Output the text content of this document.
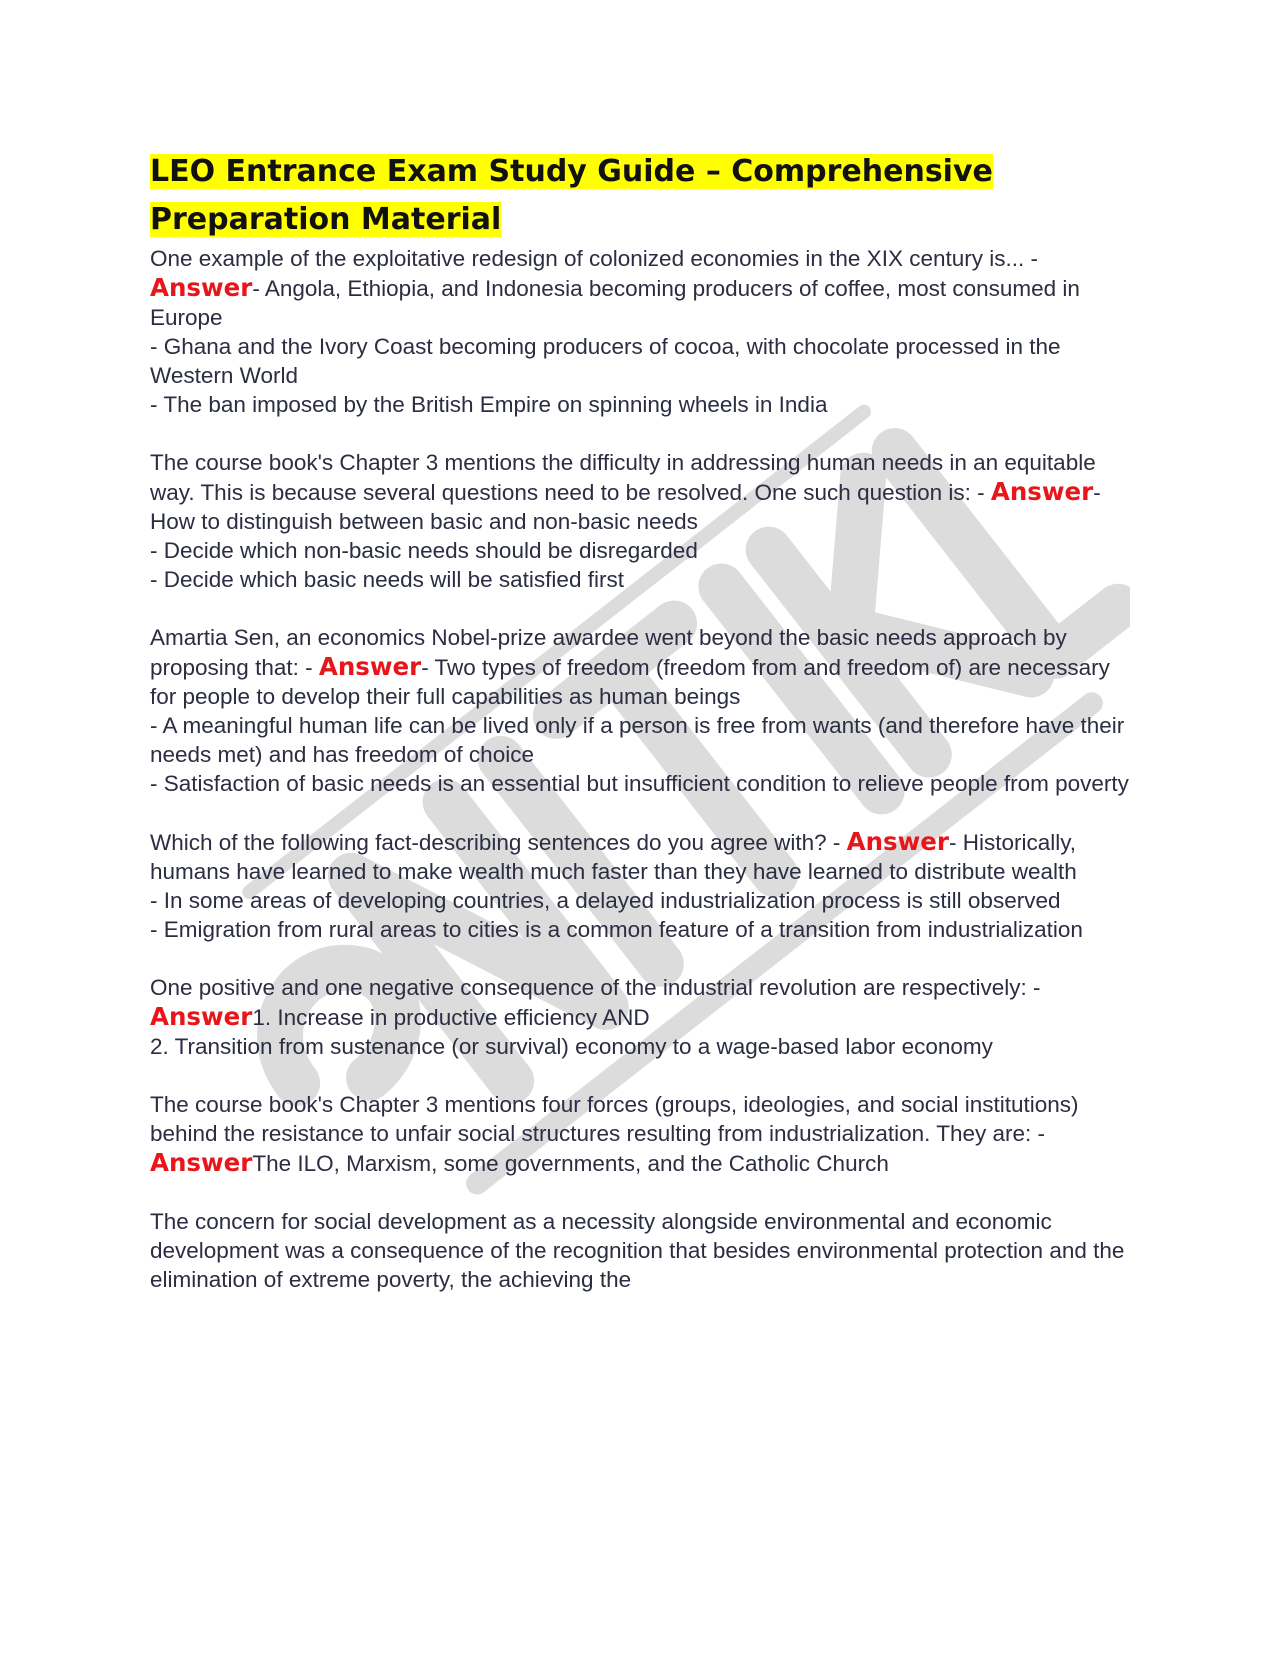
LEO Entrance Exam Study Guide – Comprehensive Preparation Material

One example of the exploitative redesign of colonized economies in the XIX century is... - Answer- Angola, Ethiopia, and Indonesia becoming producers of coffee, most consumed in Europe

- Ghana and the Ivory Coast becoming producers of cocoa, with chocolate processed in the Western World

- The ban imposed by the British Empire on spinning wheels in India

The course book's Chapter 3 mentions the difficulty in addressing human needs in an equitable way. This is because several questions need to be resolved. One such question is: - Answer- How to distinguish between basic and non-basic needs

- Decide which non-basic needs should be disregarded

- Decide which basic needs will be satisfied first

Amartia Sen, an economics Nobel-prize awardee went beyond the basic needs approach by proposing that: - Answer- Two types of freedom (freedom from and freedom of) are necessary for people to develop their full capabilities as human beings

- A meaningful human life can be lived only if a person is free from wants (and therefore have their needs met) and has freedom of choice

- Satisfaction of basic needs is an essential but insufficient condition to relieve people from poverty

Which of the following fact-describing sentences do you agree with? - Answer- Historically, humans have learned to make wealth much faster than they have learned to distribute wealth

- In some areas of developing countries, a delayed industrialization process is still observed

- Emigration from rural areas to cities is a common feature of a transition from industrialization

One positive and one negative consequence of the industrial revolution are respectively: - Answer1. Increase in productive efficiency AND

2. Transition from sustenance (or survival) economy to a wage-based labor economy

The course book's Chapter 3 mentions four forces (groups, ideologies, and social institutions) behind the resistance to unfair social structures resulting from industrialization. They are: - AnswerThe ILO, Marxism, some governments, and the Catholic Church

The concern for social development as a necessity alongside environmental and economic development was a consequence of the recognition that besides environmental protection and the elimination of extreme poverty, the achieving the
